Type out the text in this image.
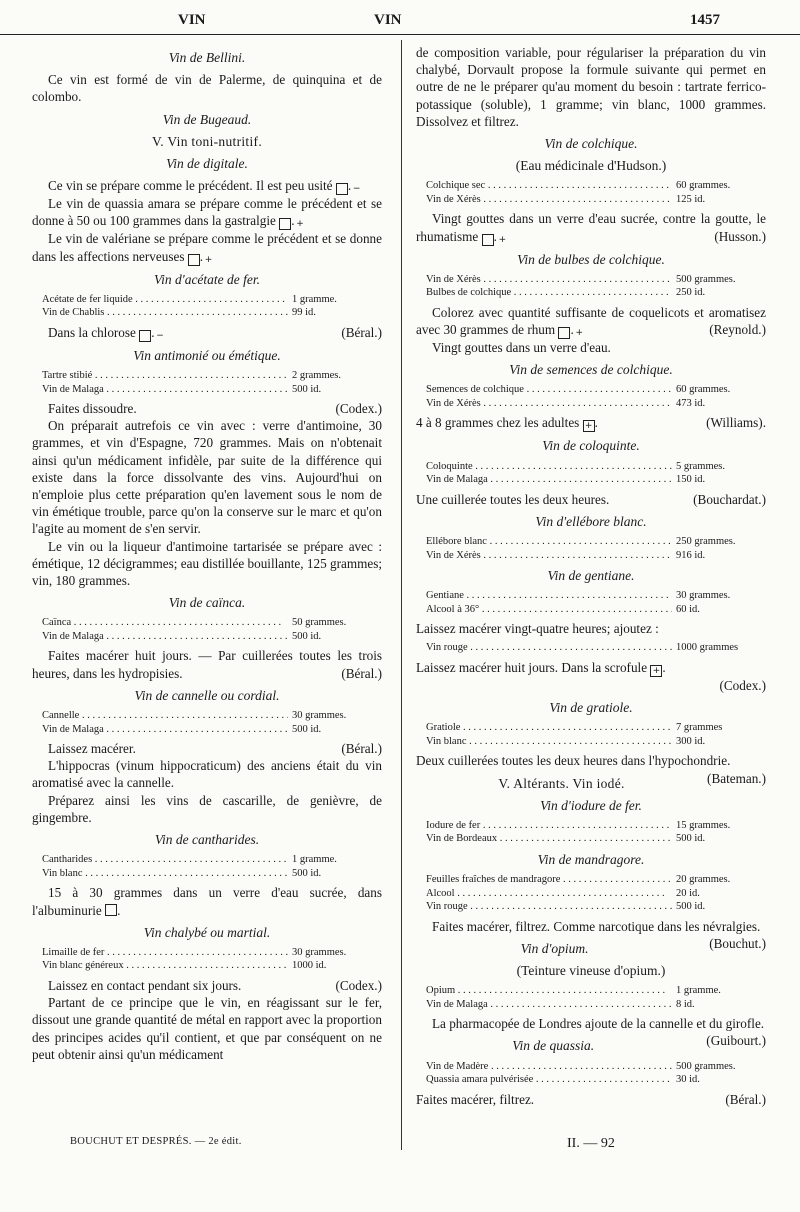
VIN	VIN	1457
Vin de Bellini.

Ce vin est formé de vin de Palerme, de quinquina et de colombo.

Vin de Bugeaud.
V. Vin toni-nutritif.
Vin de digitale.

Ce vin se prépare comme le précédent. Il est peu usité −.

Le vin de quassia amara se prépare comme le précédent et se donne à 50 ou 100 grammes dans la gastralgie +.

Le vin de valériane se prépare comme le précédent et se donne dans les affections nerveuses +.

Vin d'acétate de fer.
Acétate de fer liquide . . .	1 gramme.
Vin de Chablis . . .	99 id.

Dans la chlorose −.	(Béral.)

Vin antimonié ou émétique.
Tartre stibié . . .	2 grammes.
Vin de Malaga . . .	500 id.

Faites dissoudre.	(Codex.)

On préparait autrefois ce vin avec : verre d'antimoine, 30 grammes, et vin d'Espagne, 720 grammes. Mais on n'obtenait ainsi qu'un médicament infidèle, par suite de la différence qui existe dans la force dissolvante des vins. Aujourd'hui on n'emploie plus cette préparation qu'en lavement sous le nom de vin émétique trouble, parce qu'on la conserve sur le marc et qu'on l'agite au moment de s'en servir.

Le vin ou la liqueur d'antimoine tartarisée se prépare avec : émétique, 12 décigrammes; eau distillée bouillante, 125 grammes; vin, 180 grammes.

Vin de caïnca.
Caïnca . . .	50 grammes.
Vin de Malaga . . .	500 id.

Faites macérer huit jours. — Par cuillerées toutes les trois heures, dans les hydropisies.	(Béral.)

Vin de cannelle ou cordial.
Cannelle . . .	30 grammes.
Vin de Malaga . . .	500 id.

Laissez macérer.	(Béral.)

L'hippocras (vinum hippocraticum) des anciens était du vin aromatisé avec la cannelle.

Préparez ainsi les vins de cascarille, de genièvre, de gingembre.

Vin de cantharides.
Cantharides . . .	1 gramme.
Vin blanc . . .	500 id.

15 à 30 grammes dans un verre d'eau sucrée, dans l'albuminurie .

Vin chalybé ou martial.
Limaille de fer . . .	30 grammes.
Vin blanc généreux . . .	1000 id.

Laissez en contact pendant six jours.	(Codex.)

Partant de ce principe que le vin, en réagissant sur le fer, dissout une grande quantité de métal en rapport avec la proportion des principes acides qu'il contient, et que par conséquent on ne peut obtenir ainsi qu'un médicament

de composition variable, pour régulariser la préparation du vin chalybé, Dorvault propose la formule suivante qui permet en outre de ne le préparer qu'au moment du besoin : tartrate ferrico-potassique (soluble), 1 gramme; vin blanc, 1000 grammes. Dissolvez et filtrez.

Vin de colchique.
(Eau médicinale d'Hudson.)
Colchique sec . . .	60 grammes.
Vin de Xérès . . .	125 id.

Vingt gouttes dans un verre d'eau sucrée, contre la goutte, le rhumatisme +.	(Husson.)

Vin de bulbes de colchique.
Vin de Xérès . . .	500 grammes.
Bulbes de colchique . . .	250 id.

Colorez avec quantité suffisante de coquelicots et aromatisez avec 30 grammes de rhum +.	(Reynold.)

Vingt gouttes dans un verre d'eau.

Vin de semences de colchique.
Semences de colchique . . .	60 grammes.
Vin de Xérès . . .	473 id.

4 à 8 grammes chez les adultes + .	(Williams).

Vin de coloquinte.
Coloquinte . . .	5 grammes.
Vin de Malaga . . .	150 id.

Une cuillerée toutes les deux heures.	(Bouchardat.)

Vin d'ellébore blanc.
Ellébore blanc . . .	250 grammes.
Vin de Xérès . . .	916 id.
Vin de gentiane.
Gentiane . . .	30 grammes.
Alcool à 36° . . .	60 id.

Laissez macérer vingt-quatre heures; ajoutez :

Vin rouge . . .	1000 grammes

Laissez macérer huit jours. Dans la scrofule + .

(Codex.)
Vin de gratiole.
Gratiole . . .	7 grammes
Vin blanc . . .	300 id.

Deux cuillerées toutes les deux heures dans l'hypochondrie.
(Bateman.)

V. Altérants. Vin iodé.
Vin d'iodure de fer.
Iodure de fer . . .	15 grammes.
Vin de Bordeaux . . .	500 id.
Vin de mandragore.
Feuilles fraîches de mandragore . . .	20 grammes.
Alcool . . .	20 id.
Vin rouge . . .	500 id.

Faites macérer, filtrez. Comme narcotique dans les névralgies.
(Bouchut.)

Vin d'opium.
(Teinture vineuse d'opium.)
Opium . . .	1 gramme.
Vin de Malaga . . .	8 id.

La pharmacopée de Londres ajoute de la cannelle et du girofle.
(Guibourt.)

Vin de quassia.
Vin de Madère . . .	500 grammes.
Quassia amara pulvérisée . . .	30 id.

Faites macérer, filtrez.	(Béral.)

BOUCHUT ET DESPRÉS. — 2e édit.	II. — 92
